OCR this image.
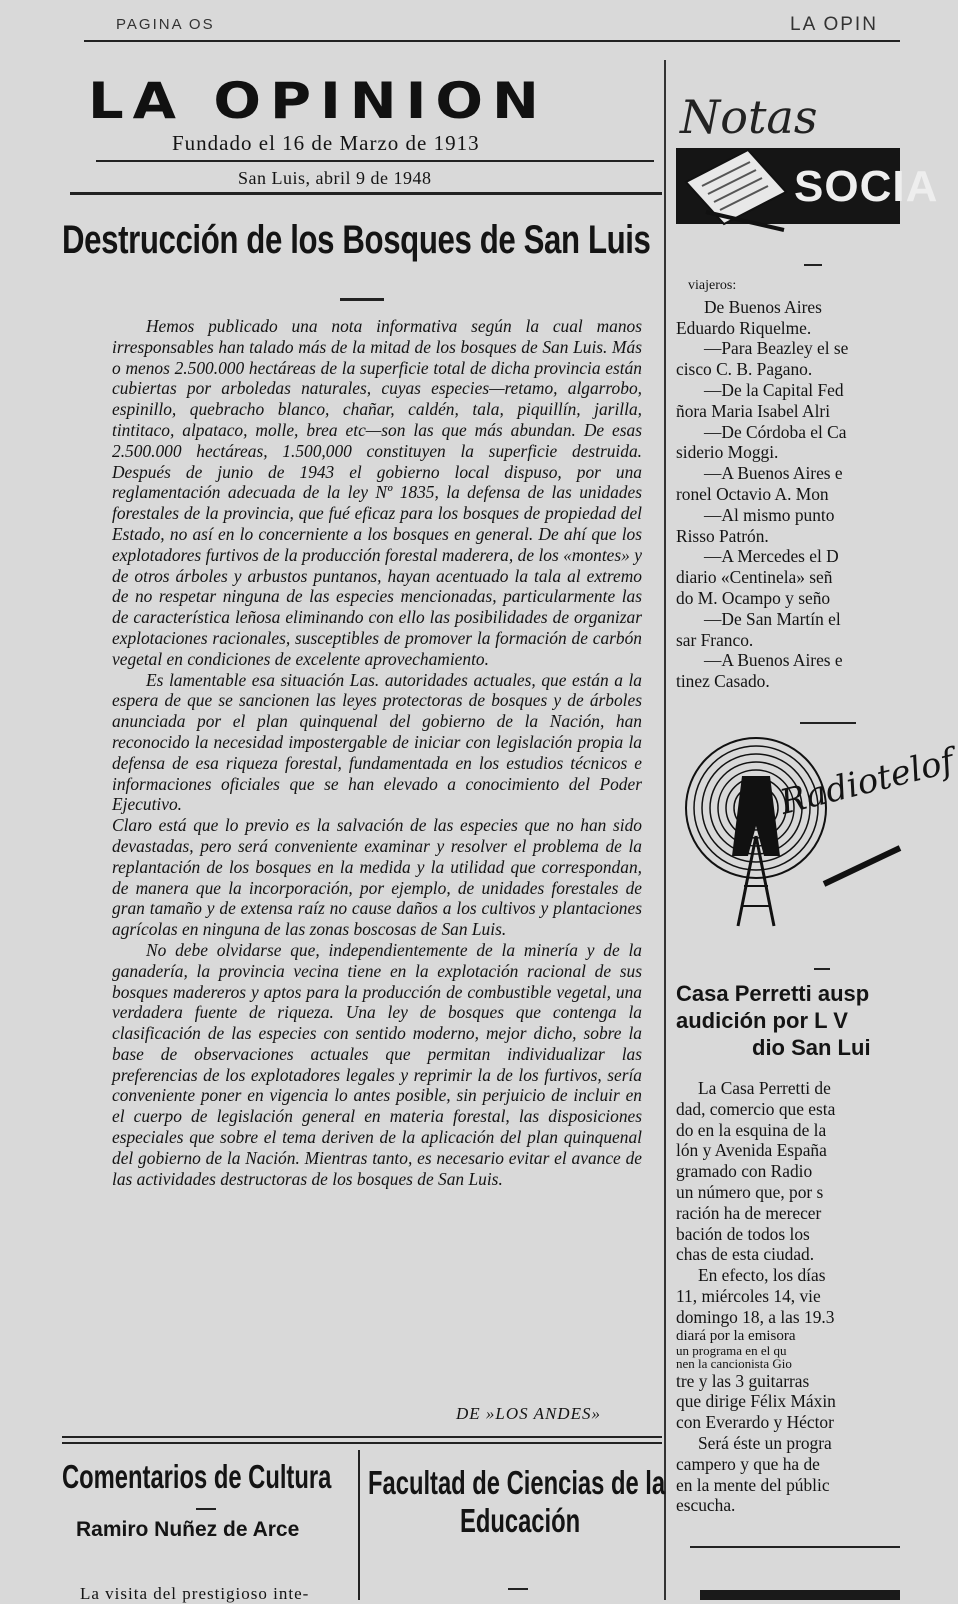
PAGINA OS	LA OPIN
LA OPINION
Fundado el 16 de Marzo de 1913
San Luis, abril 9 de 1948
Destrucción de los Bosques de San Luis

Hemos publicado una nota informativa según la cual manos irresponsables han talado más de la mitad de los bosques de San Luis. Más o menos 2.500.000 hectáreas de la superficie total de dicha provincia están cubiertas por arboledas naturales, cuyas especies—retamo, algarrobo, espinillo, quebracho blanco, chañar, caldén, tala, piquillín, jarilla, tintitaco, alpataco, molle, brea etc—son las que más abundan. De esas 2.500.000 hectáreas, 1.500,000 constituyen la superficie destruida. Después de junio de 1943 el gobierno local dispuso, por una reglamentación adecuada de la ley Nº 1835, la defensa de las unidades forestales de la provincia, que fué eficaz para los bosques de propiedad del Estado, no así en lo concerniente a los bosques en general. De ahí que los explotadores furtivos de la producción forestal maderera, de los «montes» y de otros árboles y arbustos puntanos, hayan acentuado la tala al extremo de no respetar ninguna de las especies mencionadas, particularmente las de característica leñosa eliminando con ello las posibilidades de organizar explotaciones racionales, susceptibles de promover la formación de carbón vegetal en condiciones de excelente aprovechamiento.

Es lamentable esa situación Las. autoridades actuales, que están a la espera de que se sancionen las leyes protectoras de bosques y de árboles anunciada por el plan quinquenal del gobierno de la Nación, han reconocido la necesidad impostergable de iniciar con legislación propia la defensa de esa riqueza forestal, fundamentada en los estudios técnicos e informaciones oficiales que se han elevado a conocimiento del Poder Ejecutivo.

Claro está que lo previo es la salvación de las especies que no han sido devastadas, pero será conveniente examinar y resolver el problema de la replantación de los bosques en la medida y la utilidad que correspondan, de manera que la incorporación, por ejemplo, de unidades forestales de gran tamaño y de extensa raíz no cause daños a los cultivos y plantaciones agrícolas en ninguna de las zonas boscosas de San Luis.

No debe olvidarse que, independientemente de la minería y de la ganadería, la provincia vecina tiene en la explotación racional de sus bosques madereros y aptos para la producción de combustible vegetal, una verdadera fuente de riqueza. Una ley de bosques que contenga la clasificación de las especies con sentido moderno, mejor dicho, sobre la base de observaciones actuales que permitan individualizar las preferencias de los explotadores legales y reprimir la de los furtivos, sería conveniente poner en vigencia lo antes posible, sin perjuicio de incluir en el cuerpo de legislación general en materia forestal, las disposiciones especiales que sobre el tema deriven de la aplicación del plan quinquenal del gobierno de la Nación. Mientras tanto, es necesario evitar el avance de las actividades destructoras de los bosques de San Luis.

DE »LOS ANDES»
Comentarios de Cultura
Ramiro Nuñez de Arce
La visita del prestigioso inte-
Facultad de Ciencias de la
Educación
Notas
SOCIA
viajeros:
De Buenos Aires
Eduardo Riquelme.
—Para Beazley el se
cisco C. B. Pagano.
—De la Capital Fed
ñora Maria Isabel Alri
—De Córdoba el Ca
siderio Moggi.
—A Buenos Aires e
ronel Octavio A. Mon
—Al mismo punto
Risso Patrón.
—A Mercedes el D
diario «Centinela» señ
do M. Ocampo y seño
—De San Martín el
sar Franco.
—A Buenos Aires e
tinez Casado.
Radiotelof
Casa Perretti ausp
audición por L V
dio San Lui
La Casa Perretti de
dad, comercio que esta
do en la esquina de la
lón y Avenida España
gramado con Radio
un número que, por s
ración ha de merecer
bación de todos los
chas de esta ciudad.
En efecto, los días
11, miércoles 14, vie
domingo 18, a las 19.3
diará por la emisora
un programa en el qu
nen la cancionista Gio
tre y las 3 guitarras
que dirige Félix Máxin
con Everardo y Héctor
Será éste un progra
campero y que ha de
en la mente del públic
escucha.
